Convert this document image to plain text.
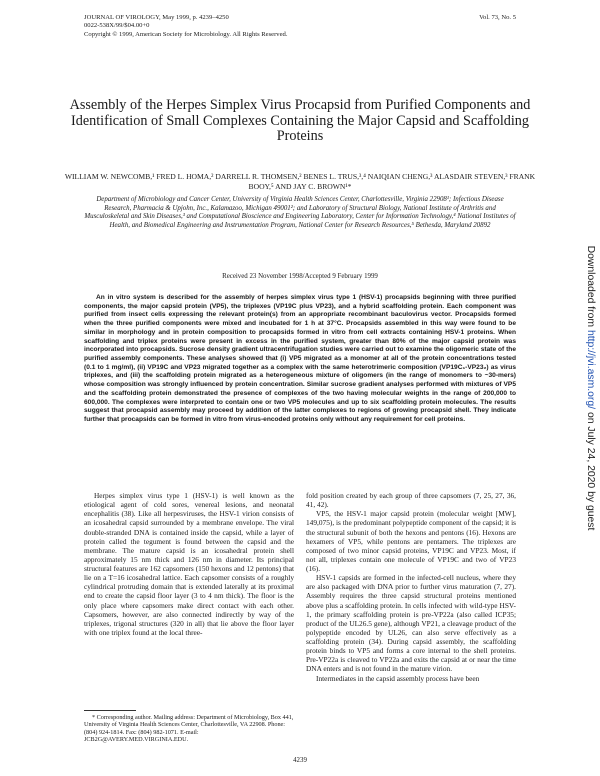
JOURNAL OF VIROLOGY, May 1999, p. 4239–4250
0022-538X/99/$04.00+0
Copyright © 1999, American Society for Microbiology. All Rights Reserved.
Vol. 73, No. 5
Assembly of the Herpes Simplex Virus Procapsid from Purified Components and Identification of Small Complexes Containing the Major Capsid and Scaffolding Proteins
WILLIAM W. NEWCOMB,¹ FRED L. HOMA,² DARRELL R. THOMSEN,² BENES L. TRUS,³,⁴ NAIQIAN CHENG,³ ALASDAIR STEVEN,³ FRANK BOOY,⁵ AND JAY C. BROWN¹*
Department of Microbiology and Cancer Center, University of Virginia Health Sciences Center, Charlottesville, Virginia 22908¹; Infectious Disease Research, Pharmacia & Upjohn, Inc., Kalamazoo, Michigan 49001²; and Laboratory of Structural Biology, National Institute of Arthritis and Musculoskeletal and Skin Diseases,³ and Computational Bioscience and Engineering Laboratory, Center for Information Technology,⁴ National Institutes of Health, and Biomedical Engineering and Instrumentation Program, National Center for Research Resources,⁵ Bethesda, Maryland 20892
Received 23 November 1998/Accepted 9 February 1999
An in vitro system is described for the assembly of herpes simplex virus type 1 (HSV-1) procapsids beginning with three purified components, the major capsid protein (VP5), the triplexes (VP19C plus VP23), and a hybrid scaffolding protein. Each component was purified from insect cells expressing the relevant protein(s) from an appropriate recombinant baculovirus vector. Procapsids formed when the three purified components were mixed and incubated for 1 h at 37°C. Procapsids assembled in this way were found to be similar in morphology and in protein composition to procapsids formed in vitro from cell extracts containing HSV-1 proteins. When scaffolding and triplex proteins were present in excess in the purified system, greater than 80% of the major capsid protein was incorporated into procapsids. Sucrose density gradient ultracentrifugation studies were carried out to examine the oligomeric state of the purified assembly components. These analyses showed that (i) VP5 migrated as a monomer at all of the protein concentrations tested (0.1 to 1 mg/ml), (ii) VP19C and VP23 migrated together as a complex with the same heterotrimeric composition (VP19C₁-VP23₂) as virus triplexes, and (iii) the scaffolding protein migrated as a heterogeneous mixture of oligomers (in the range of monomers to ~30-mers) whose composition was strongly influenced by protein concentration. Similar sucrose gradient analyses performed with mixtures of VP5 and the scaffolding protein demonstrated the presence of complexes of the two having molecular weights in the range of 200,000 to 600,000. The complexes were interpreted to contain one or two VP5 molecules and up to six scaffolding protein molecules. The results suggest that procapsid assembly may proceed by addition of the latter complexes to regions of growing procapsid shell. They indicate further that procapsids can be formed in vitro from virus-encoded proteins only without any requirement for cell proteins.

Herpes simplex virus type 1 (HSV-1) is well known as the etiological agent of cold sores, venereal lesions, and neonatal encephalitis (38). Like all herpesviruses, the HSV-1 virion consists of an icosahedral capsid surrounded by a membrane envelope. The viral double-stranded DNA is contained inside the capsid, while a layer of protein called the tegument is found between the capsid and the membrane. The mature capsid is an icosahedral protein shell approximately 15 nm thick and 126 nm in diameter. Its principal structural features are 162 capsomers (150 hexons and 12 pentons) that lie on a T=16 icosahedral lattice. Each capsomer consists of a roughly cylindrical protruding domain that is extended laterally at its proximal end to create the capsid floor layer (3 to 4 nm thick). The floor is the only place where capsomers make direct contact with each other. Capsomers, however, are also connected indirectly by way of the triplexes, trigonal structures (320 in all) that lie above the floor layer with one triplex found at the local three-

fold position created by each group of three capsomers (7, 25, 27, 36, 41, 42).

VP5, the HSV-1 major capsid protein (molecular weight [MW], 149,075), is the predominant polypeptide component of the capsid; it is the structural subunit of both the hexons and pentons (16). Hexons are hexamers of VP5, while pentons are pentamers. The triplexes are composed of two minor capsid proteins, VP19C and VP23. Most, if not all, triplexes contain one molecule of VP19C and two of VP23 (16).

HSV-1 capsids are formed in the infected-cell nucleus, where they are also packaged with DNA prior to further virus maturation (7, 27). Assembly requires the three capsid structural proteins mentioned above plus a scaffolding protein. In cells infected with wild-type HSV-1, the primary scaffolding protein is pre-VP22a (also called ICP35; product of the UL26.5 gene), although VP21, a cleavage product of the polypeptide encoded by UL26, can also serve effectively as a scaffolding protein (34). During capsid assembly, the scaffolding protein binds to VP5 and forms a core internal to the shell proteins. Pre-VP22a is cleaved to VP22a and exits the capsid at or near the time DNA enters and is not found in the mature virion.

Intermediates in the capsid assembly process have been

* Corresponding author. Mailing address: Department of Microbiology, Box 441, University of Virginia Health Sciences Center, Charlottesville, VA 22908. Phone: (804) 924-1814. Fax: (804) 982-1071. E-mail: JCB2G@AVERY.MED.VIRGINIA.EDU.
4239
Downloaded from http://jvi.asm.org/ on July 24, 2020 by guest
